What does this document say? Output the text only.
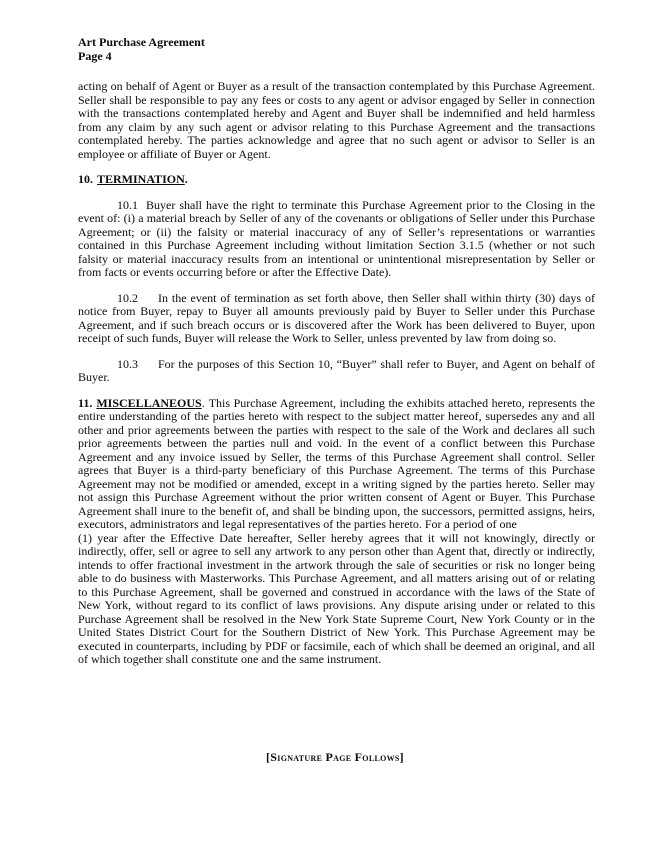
Art Purchase Agreement
Page 4

acting on behalf of Agent or Buyer as a result of the transaction contemplated by this Purchase Agreement. Seller shall be responsible to pay any fees or costs to any agent or advisor engaged by Seller in connection with the transactions contemplated hereby and Agent and Buyer shall be indemnified and held harmless from any claim by any such agent or advisor relating to this Purchase Agreement and the transactions contemplated hereby. The parties acknowledge and agree that no such agent or advisor to Seller is an employee or affiliate of Buyer or Agent.

10. TERMINATION.

10.1 Buyer shall have the right to terminate this Purchase Agreement prior to the Closing in the event of: (i) a material breach by Seller of any of the covenants or obligations of Seller under this Purchase Agreement; or (ii) the falsity or material inaccuracy of any of Seller’s representations or warranties contained in this Purchase Agreement including without limitation Section 3.1.5 (whether or not such falsity or material inaccuracy results from an intentional or unintentional misrepresentation by Seller or from facts or events occurring before or after the Effective Date).

10.2 In the event of termination as set forth above, then Seller shall within thirty (30) days of notice from Buyer, repay to Buyer all amounts previously paid by Buyer to Seller under this Purchase Agreement, and if such breach occurs or is discovered after the Work has been delivered to Buyer, upon receipt of such funds, Buyer will release the Work to Seller, unless prevented by law from doing so.

10.3 For the purposes of this Section 10, “Buyer” shall refer to Buyer, and Agent on behalf of Buyer.

11. MISCELLANEOUS. This Purchase Agreement, including the exhibits attached hereto, represents the entire understanding of the parties hereto with respect to the subject matter hereof, supersedes any and all other and prior agreements between the parties with respect to the sale of the Work and declares all such prior agreements between the parties null and void. In the event of a conflict between this Purchase Agreement and any invoice issued by Seller, the terms of this Purchase Agreement shall control. Seller agrees that Buyer is a third-party beneficiary of this Purchase Agreement. The terms of this Purchase Agreement may not be modified or amended, except in a writing signed by the parties hereto. Seller may not assign this Purchase Agreement without the prior written consent of Agent or Buyer. This Purchase Agreement shall inure to the benefit of, and shall be binding upon, the successors, permitted assigns, heirs, executors, administrators and legal representatives of the parties hereto. For a period of one
(1) year after the Effective Date hereafter, Seller hereby agrees that it will not knowingly, directly or indirectly, offer, sell or agree to sell any artwork to any person other than Agent that, directly or indirectly, intends to offer fractional investment in the artwork through the sale of securities or risk no longer being able to do business with Masterworks. This Purchase Agreement, and all matters arising out of or relating to this Purchase Agreement, shall be governed and construed in accordance with the laws of the State of New York, without regard to its conflict of laws provisions. Any dispute arising under or related to this Purchase Agreement shall be resolved in the New York State Supreme Court, New York County or in the United States District Court for the Southern District of New York. This Purchase Agreement may be executed in counterparts, including by PDF or facsimile, each of which shall be deemed an original, and all of which together shall constitute one and the same instrument.

[Signature Page Follows]
